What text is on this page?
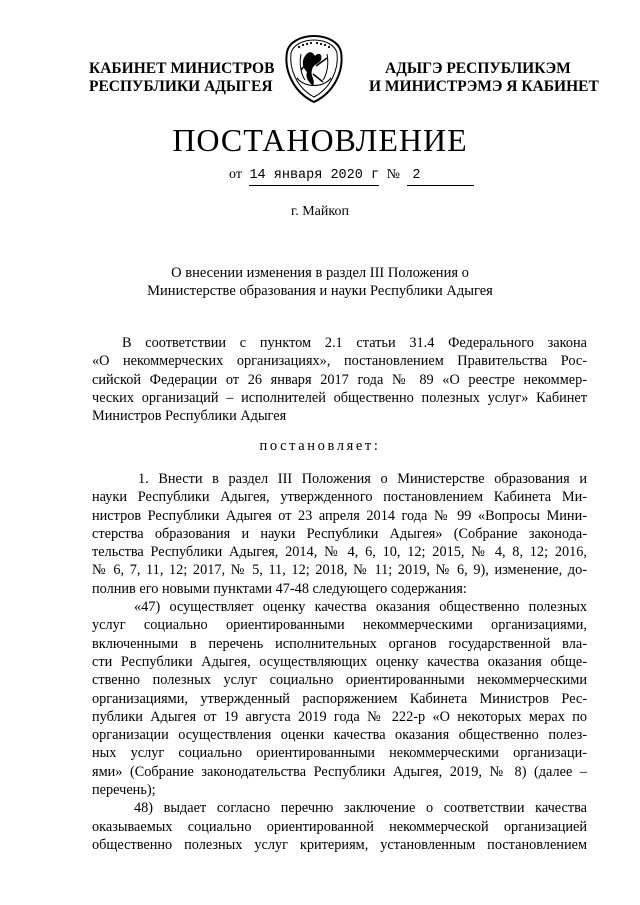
КАБИНЕТ МИНИСТРОВ
РЕСПУБЛИКИ АДЫГЕЯ
АДЫГЭ РЕСПУБЛИКЭМ
И МИНИСТРЭМЭ Я КАБИНЕТ
ПОСТАНОВЛЕНИЕ
от 14 января 2020 г № 2
г. Майкоп
О внесении изменения в раздел III Положения о
Министерстве образования и науки Республики Адыгея
В соответствии с пунктом 2.1 статьи 31.4 Федерального закона
«О некоммерческих организациях», постановлением Правительства Рос-
сийской Федерации от 26 января 2017 года № 89 «О реестре некоммер-
ческих организаций – исполнителей общественно полезных услуг» Кабинет
Министров Республики Адыгея
постановляет:
1. Внести в раздел III Положения о Министерстве образования и
науки Республики Адыгея, утвержденного постановлением Кабинета Ми-
нистров Республики Адыгея от 23 апреля 2014 года № 99 «Вопросы Мини-
стерства образования и науки Республики Адыгея» (Собрание законода-
тельства Республики Адыгея, 2014, № 4, 6, 10, 12; 2015, № 4, 8, 12; 2016,
№ 6, 7, 11, 12; 2017, № 5, 11, 12; 2018, № 11; 2019, № 6, 9), изменение, до-
полнив его новыми пунктами 47-48 следующего содержания:
«47) осуществляет оценку качества оказания общественно полезных
услуг социально ориентированными некоммерческими организациями,
включенными в перечень исполнительных органов государственной вла-
сти Республики Адыгея, осуществляющих оценку качества оказания обще-
ственно полезных услуг социально ориентированными некоммерческими
организациями, утвержденный распоряжением Кабинета Министров Рес-
публики Адыгея от 19 августа 2019 года № 222-р «О некоторых мерах по
организации осуществления оценки качества оказания общественно полез-
ных услуг социально ориентированными некоммерческими организаци-
ями» (Собрание законодательства Республики Адыгея, 2019, № 8) (далее –
перечень);
48) выдает согласно перечню заключение о соответствии качества
оказываемых социально ориентированной некоммерческой организацией
общественно полезных услуг критериям, установленным постановлением
